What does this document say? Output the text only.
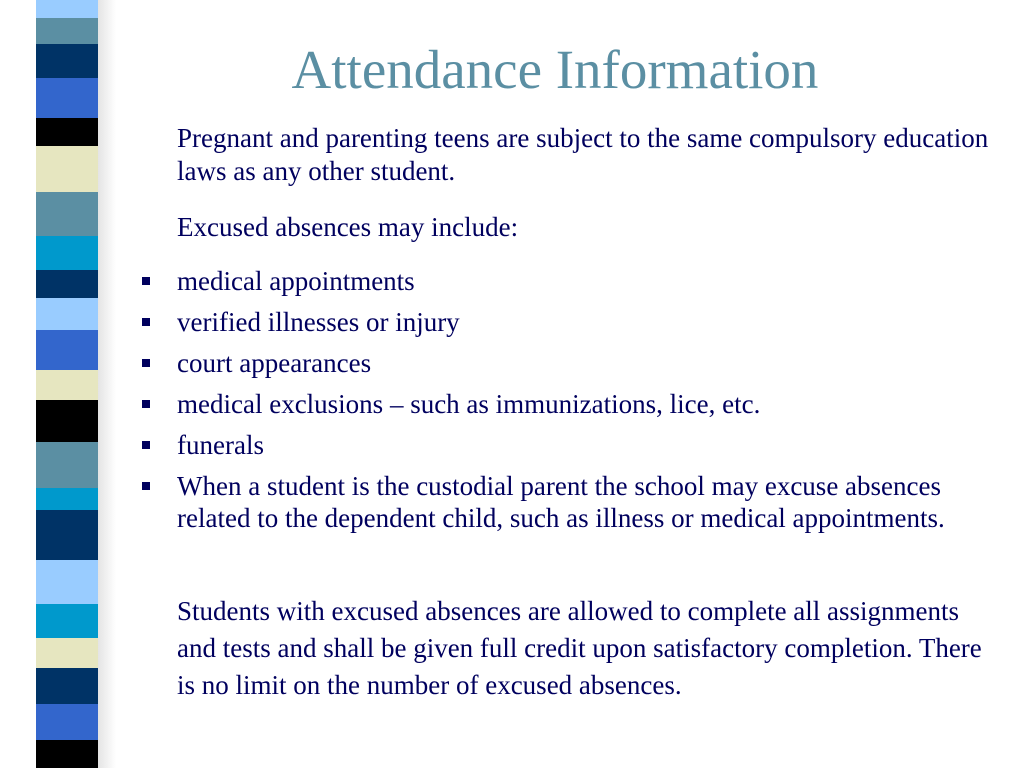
Attendance Information
Pregnant and parenting teens are subject to the same compulsory education laws as any other student.
Excused absences may include:
medical appointments
verified illnesses or injury
court appearances
medical exclusions – such as immunizations, lice, etc.
funerals
When a student is the custodial parent the school may excuse absences related to the dependent child, such as illness or medical appointments.
Students with excused absences are allowed to complete all assignments and tests and shall be given full credit upon satisfactory completion. There is no limit on the number of excused absences.
